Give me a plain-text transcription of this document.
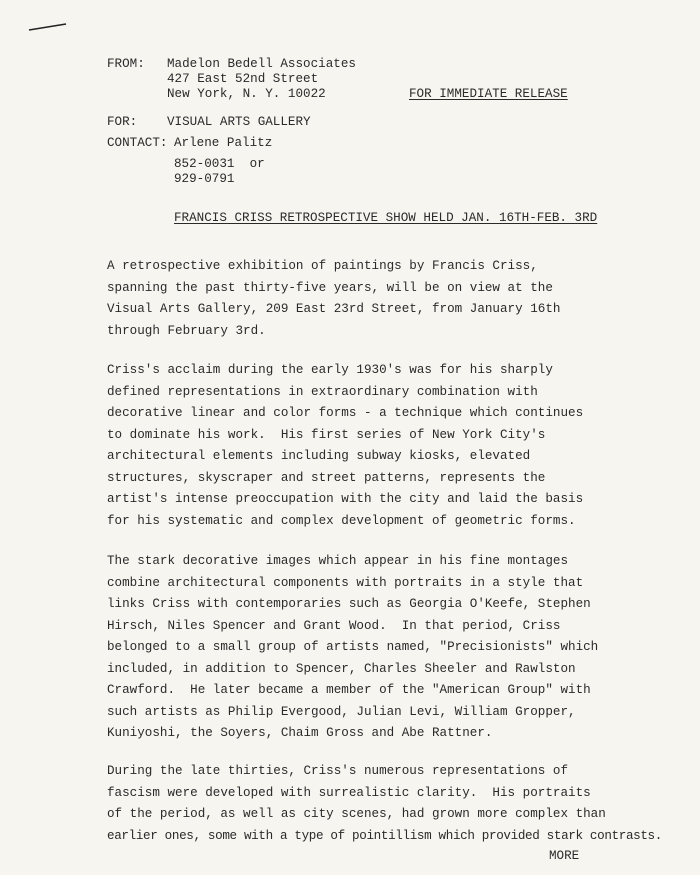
FROM: Madelon Bedell Associates
427 East 52nd Street
New York, N. Y. 10022	FOR IMMEDIATE RELEASE
FOR: VISUAL ARTS GALLERY
CONTACT: Arlene Palitz
852-0031  or
929-0791
FRANCIS CRISS RETROSPECTIVE SHOW HELD JAN. 16TH-FEB. 3RD
A retrospective exhibition of paintings by Francis Criss,
spanning the past thirty-five years, will be on view at the
Visual Arts Gallery, 209 East 23rd Street, from January 16th
through February 3rd.
Criss's acclaim during the early 1930's was for his sharply
defined representations in extraordinary combination with
decorative linear and color forms - a technique which continues
to dominate his work.  His first series of New York City's
architectural elements including subway kiosks, elevated
structures, skyscraper and street patterns, represents the
artist's intense preoccupation with the city and laid the basis
for his systematic and complex development of geometric forms.
The stark decorative images which appear in his fine montages
combine architectural components with portraits in a style that
links Criss with contemporaries such as Georgia O'Keefe, Stephen
Hirsch, Niles Spencer and Grant Wood.  In that period, Criss
belonged to a small group of artists named, "Precisionists" which
included, in addition to Spencer, Charles Sheeler and Rawlston
Crawford.  He later became a member of the "American Group" with
such artists as Philip Evergood, Julian Levi, William Gropper,
Kuniyoshi, the Soyers, Chaim Gross and Abe Rattner.
During the late thirties, Criss's numerous representations of
fascism were developed with surrealistic clarity.  His portraits
of the period, as well as city scenes, had grown more complex than
earlier ones, some with a type of pointillism which provided stark contrasts.
MORE
